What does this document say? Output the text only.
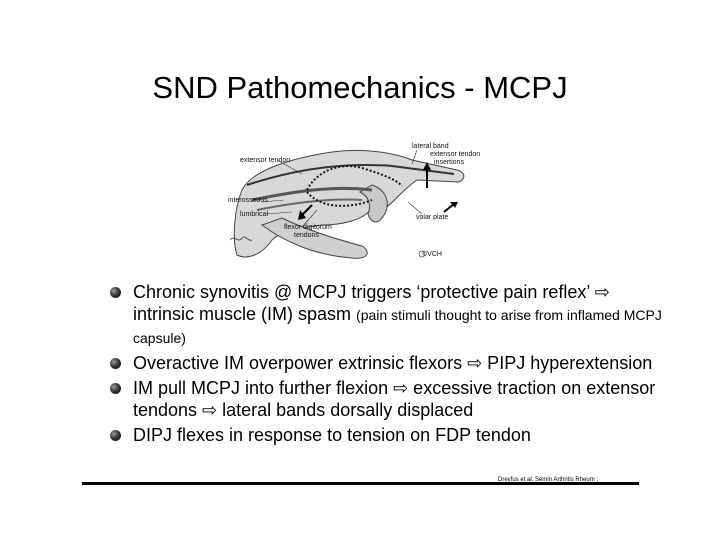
SND Pathomechanics - MCPJ
extensor tendon
lateral band
extensor tendon
insertions
interosseous
lumbrical	volar plate
flexor digitorum
tendons
©VCH
Chronic synovitis @ MCPJ triggers ‘protective pain reflex’ ⇨ intrinsic muscle (IM) spasm (pain stimuli thought to arise from inflamed MCPJ capsule)
Overactive IM overpower extrinsic flexors ⇨ PIPJ hyperextension
IM pull MCPJ into further flexion ⇨ excessive traction on extensor tendons ⇨ lateral bands dorsally displaced
DIPJ flexes in response to tension on FDP tendon
Dreyfus et al. Semin Arthritis Rheum ;
